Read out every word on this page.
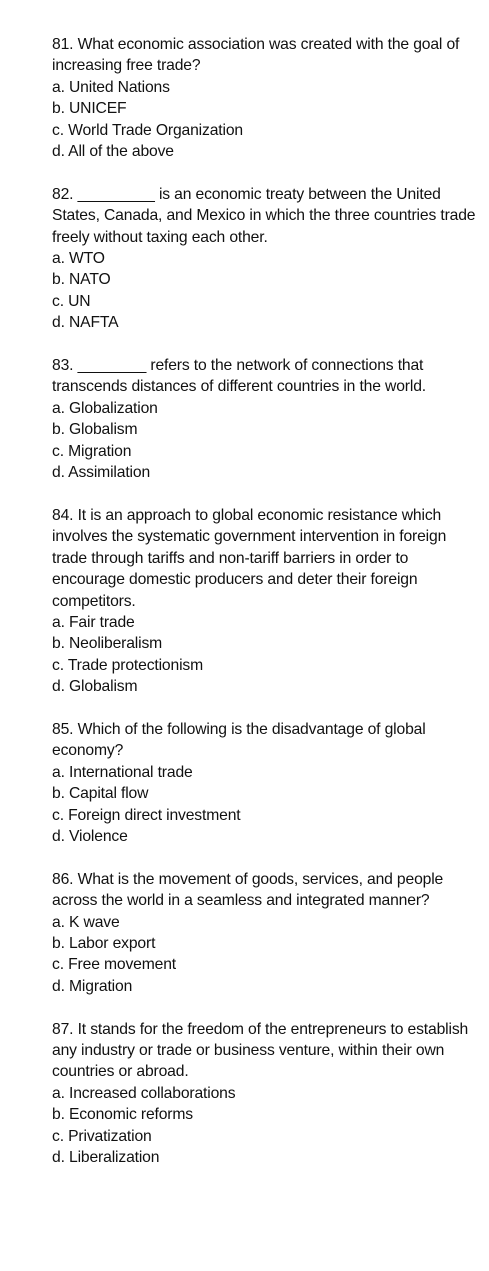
81. What economic association was created with the goal of increasing free trade?

a. United Nations
b. UNICEF
c. World Trade Organization
d. All of the above

82. _________ is an economic treaty between the United States, Canada, and Mexico in which the three countries trade freely without taxing each other.

a. WTO
b. NATO
c. UN
d. NAFTA

83. ________ refers to the network of connections that transcends distances of different countries in the world.

a. Globalization
b. Globalism
c. Migration
d. Assimilation

84. It is an approach to global economic resistance which involves the systematic government intervention in foreign trade through tariffs and non-tariff barriers in order to encourage domestic producers and deter their foreign competitors.

a. Fair trade
b. Neoliberalism
c. Trade protectionism
d. Globalism

85. Which of the following is the disadvantage of global economy?

a. International trade
b. Capital flow
c. Foreign direct investment
d. Violence

86. What is the movement of goods, services, and people across the world in a seamless and integrated manner?

a. K wave
b. Labor export
c. Free movement
d. Migration

87. It stands for the freedom of the entrepreneurs to establish any industry or trade or business venture, within their own countries or abroad.

a. Increased collaborations
b. Economic reforms
c. Privatization
d. Liberalization
